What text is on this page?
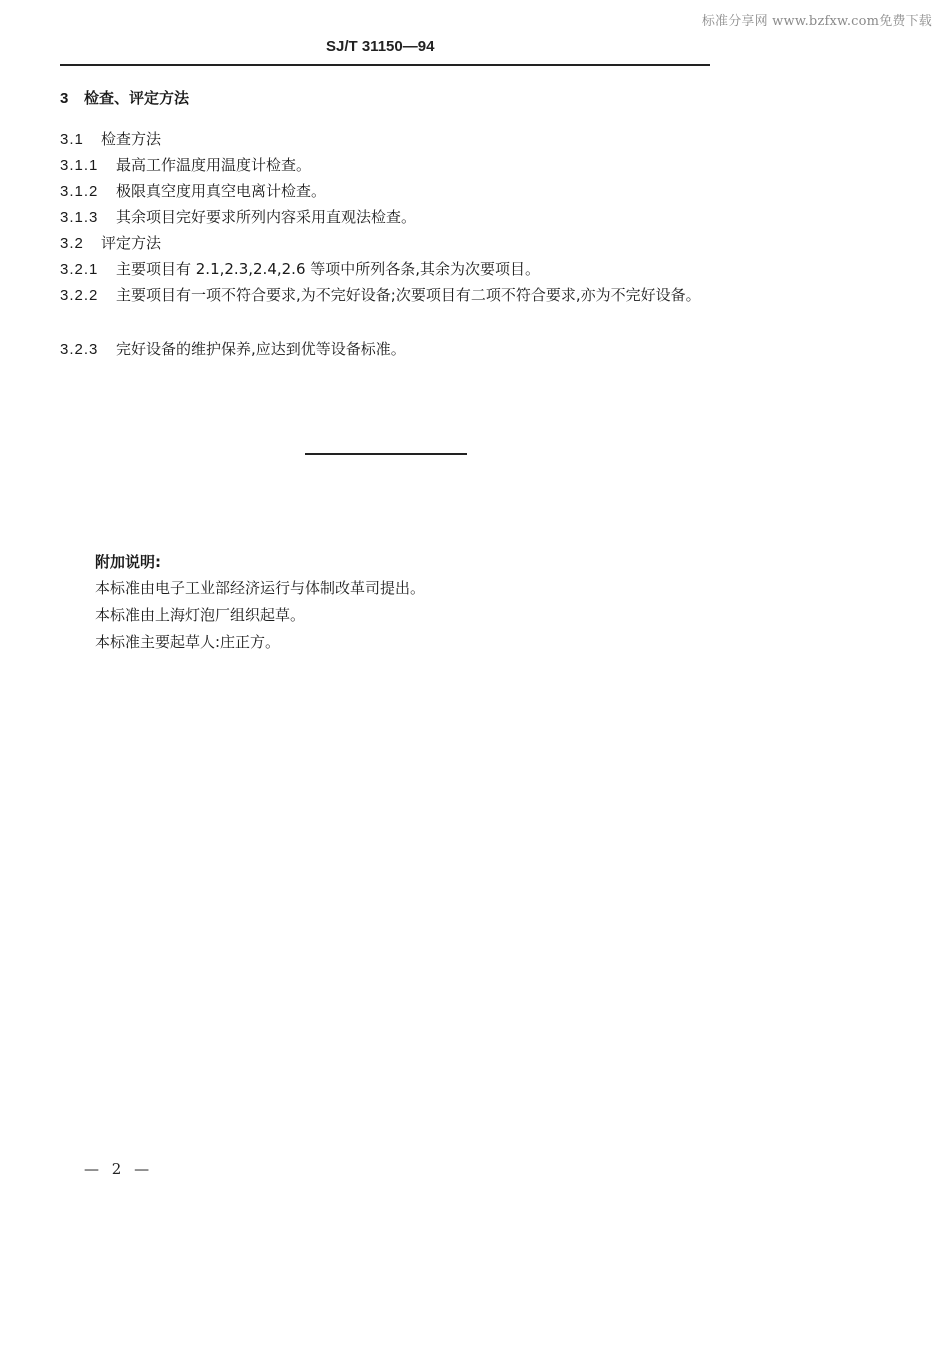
标准分享网 www.bzfxw.com免费下载
SJ/T 31150—94
3 检查、评定方法
3.1 检查方法
3.1.1 最高工作温度用温度计检查。
3.1.2 极限真空度用真空电离计检查。
3.1.3 其余项目完好要求所列内容采用直观法检查。
3.2 评定方法
3.2.1 主要项目有 2.1,2.3,2.4,2.6 等项中所列各条,其余为次要项目。
3.2.2 主要项目有一项不符合要求,为不完好设备;次要项目有二项不符合要求,亦为不完好设备。
3.2.3 完好设备的维护保养,应达到优等设备标准。
附加说明:
本标准由电子工业部经济运行与体制改革司提出。
本标准由上海灯泡厂组织起草。
本标准主要起草人:庄正方。
— 2 —
